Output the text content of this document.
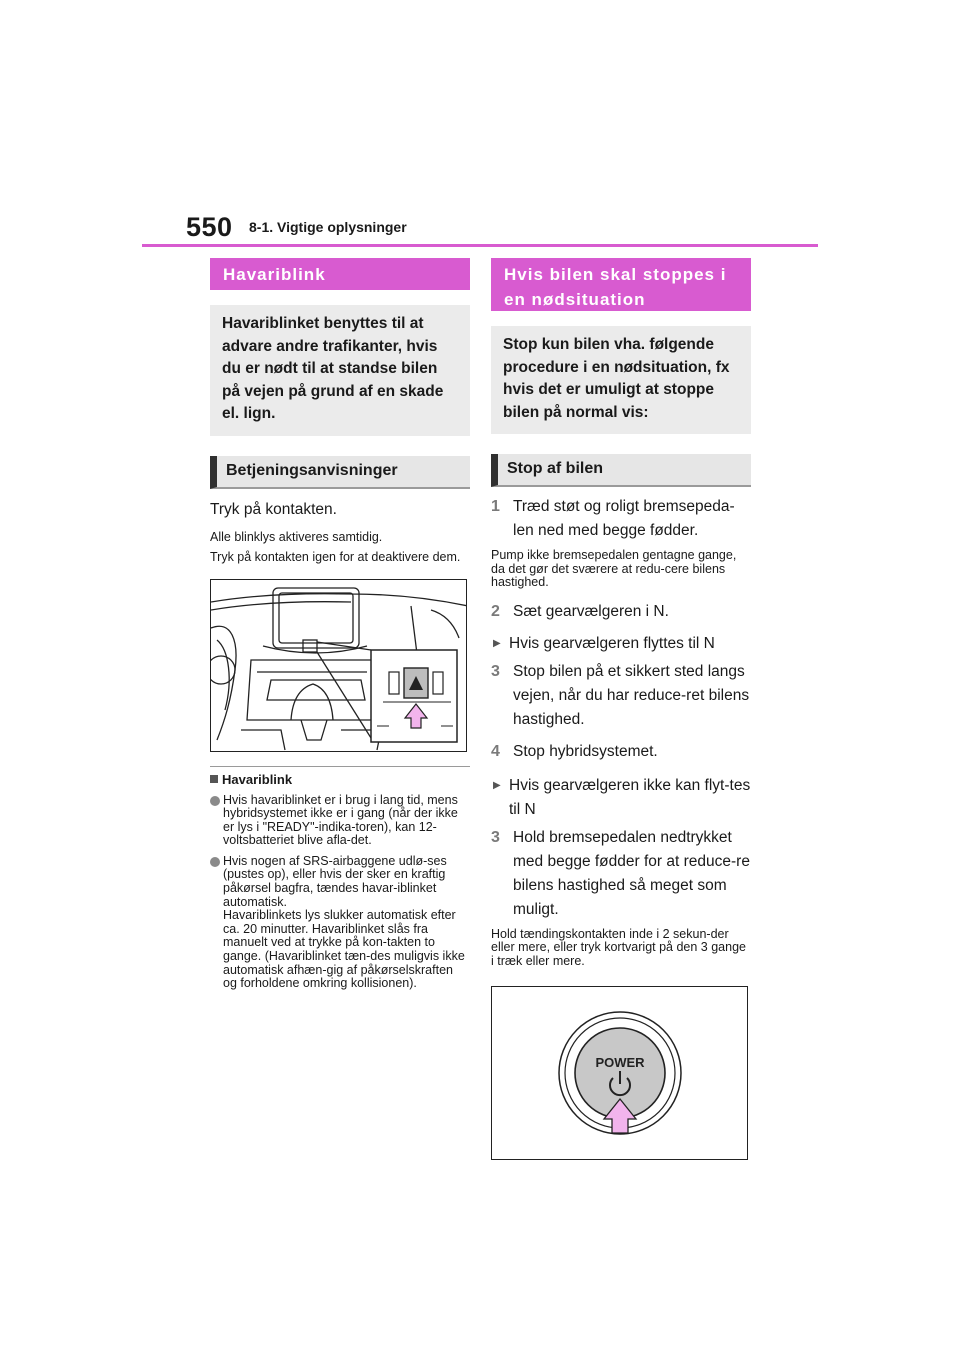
550 8-1. Vigtige oplysninger
Havariblink
Havariblinket benyttes til at advare andre trafikanter, hvis du er nødt til at standse bilen på vejen på grund af en skade el. lign.
Betjeningsanvisninger
Tryk på kontakten.
Alle blinklys aktiveres samtidig.
Tryk på kontakten igen for at deaktivere dem.
Havariblink
Hvis havariblinket er i brug i lang tid, mens hybridsystemet ikke er i gang (når der ikke er lys i "READY"-indika-toren), kan 12-voltsbatteriet blive afla-det.
Hvis nogen af SRS-airbaggene udlø-ses (pustes op), eller hvis der sker en kraftig påkørsel bagfra, tændes havar-iblinket automatisk.
Havariblinkets lys slukker automatisk efter ca. 20 minutter. Havariblinket slås fra manuelt ved at trykke på kon-takten to gange. (Havariblinket tæn-des muligvis ikke automatisk afhæn-gig af påkørselskraften og forholdene omkring kollisionen).
Hvis bilen skal stoppes i en nødsituation
Stop kun bilen vha. følgende procedure i en nødsituation, fx hvis det er umuligt at stoppe bilen på normal vis:
Stop af bilen
1 Træd støt og roligt bremsepeda-len ned med begge fødder.
Pump ikke bremsepedalen gentagne gange, da det gør det sværere at redu-cere bilens hastighed.
2 Sæt gearvælgeren i N.
▶ Hvis gearvælgeren flyttes til N
3 Stop bilen på et sikkert sted langs vejen, når du har reduce-ret bilens hastighed.
4 Stop hybridsystemet.
▶ Hvis gearvælgeren ikke kan flyt-tes til N
3 Hold bremsepedalen nedtrykket med begge fødder for at reduce-re bilens hastighed så meget som muligt.
Hold tændingskontakten inde i 2 sekun-der eller mere, eller tryk kortvarigt på den 3 gange i træk eller mere.
POWER
